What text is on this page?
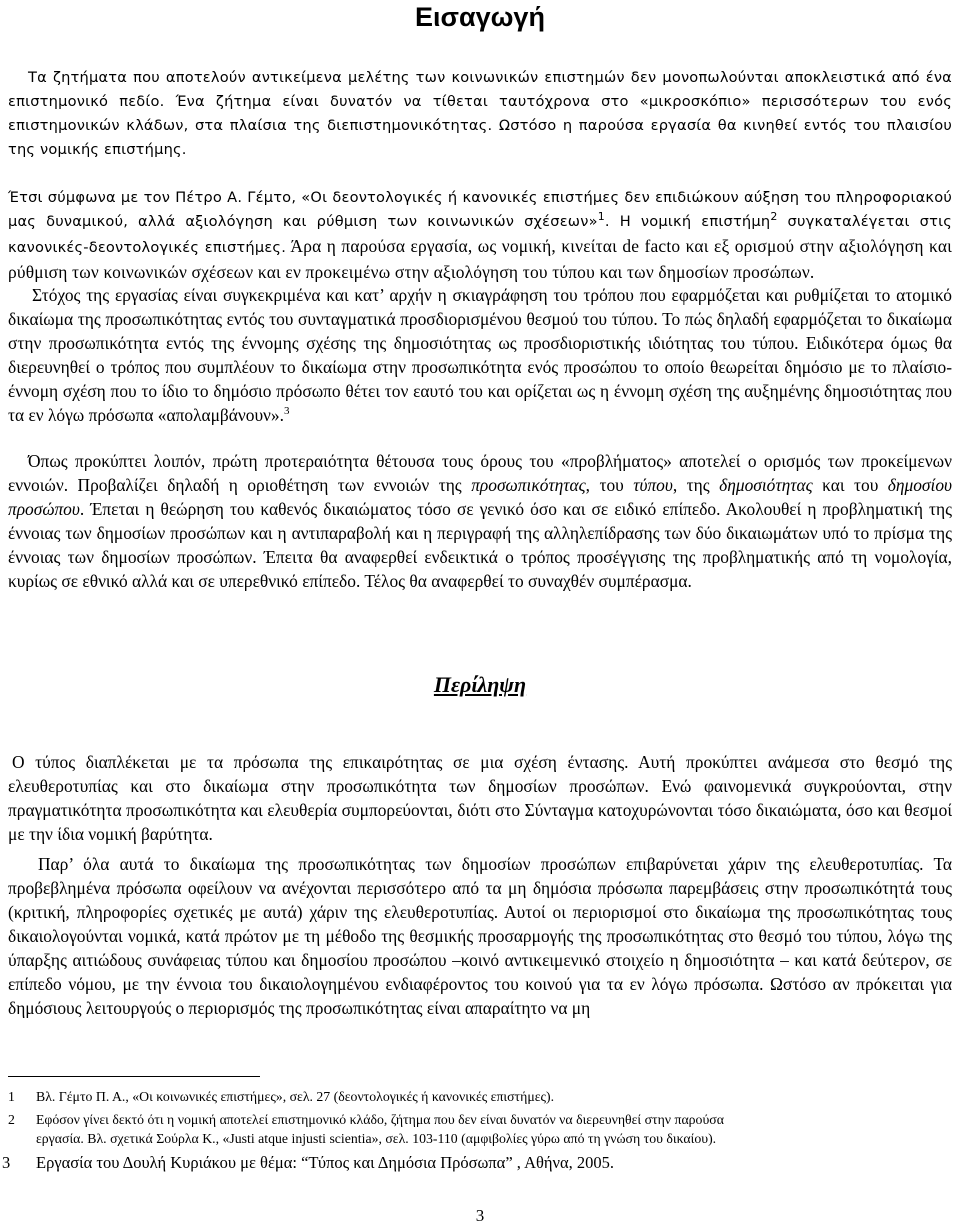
Εισαγωγή

Τα ζητήματα που αποτελούν αντικείμενα μελέτης των κοινωνικών επιστημών δεν μονοπωλούνται αποκλειστικά από ένα επιστημονικό πεδίο. Ένα ζήτημα είναι δυνατόν να τίθεται ταυτόχρονα στο «μικροσκόπιο» περισσότερων του ενός επιστημονικών κλάδων, στα πλαίσια της διεπιστημονικότητας. Ωστόσο η παρούσα εργασία θα κινηθεί εντός του πλαισίου της νομικής επιστήμης.

Έτσι σύμφωνα με τον Πέτρο Α. Γέμτο, «Οι δεοντολογικές ή κανονικές επιστήμες δεν επιδιώκουν αύξηση του πληροφοριακού μας δυναμικού, αλλά αξιολόγηση και ρύθμιση των κοινωνικών σχέσεων»$^1$. Η νομική επιστήμη$^2$ συγκαταλέγεται στις κανονικές-δεοντολογικές επιστήμες. Άρα η παρούσα εργασία, ως νομική, κινείται de facto και εξ ορισμού στην αξιολόγηση και ρύθμιση των κοινωνικών σχέσεων και εν προκειμένω στην αξιολόγηση του τύπου και των δημοσίων προσώπων.

Στόχος της εργασίας είναι συγκεκριμένα και κατ’ αρχήν η σκιαγράφηση του τρόπου που εφαρμόζεται και ρυθμίζεται το ατομικό δικαίωμα της προσωπικότητας εντός του συνταγματικά προσδιορισμένου θεσμού του τύπου. Το πώς δηλαδή εφαρμόζεται το δικαίωμα στην προσωπικότητα εντός της έννομης σχέσης της δημοσιότητας ως προσδιοριστικής ιδιότητας του τύπου. Ειδικότερα όμως θα διερευνηθεί ο τρόπος που συμπλέουν το δικαίωμα στην προσωπικότητα ενός προσώπου το οποίο θεωρείται δημόσιο με το πλαίσιο-έννομη σχέση που το ίδιο το δημόσιο πρόσωπο θέτει τον εαυτό του και ορίζεται ως η έννομη σχέση της αυξημένης δημοσιότητας που τα εν λόγω πρόσωπα «απολαμβάνουν».$^3$

Όπως προκύπτει λοιπόν, πρώτη προτεραιότητα θέτουσα τους όρους του «προβλήματος» αποτελεί ο ορισμός των προκείμενων εννοιών. Προβαλίζει δηλαδή η οριοθέτηση των εννοιών της προσωπικότητας, του τύπου, της δημοσιότητας και του δημοσίου προσώπου. Έπεται η θεώρηση του καθενός δικαιώματος τόσο σε γενικό όσο και σε ειδικό επίπεδο. Ακολουθεί η προβληματική της έννοιας των δημοσίων προσώπων και η αντιπαραβολή και η περιγραφή της αλληλεπίδρασης των δύο δικαιωμάτων υπό το πρίσμα της έννοιας των δημοσίων προσώπων. Έπειτα θα αναφερθεί ενδεικτικά ο τρόπος προσέγγισης της προβληματικής από τη νομολογία, κυρίως σε εθνικό αλλά και σε υπερεθνικό επίπεδο. Τέλος θα αναφερθεί το συναχθέν συμπέρασμα.

Περίληψη

Ο τύπος διαπλέκεται με τα πρόσωπα της επικαιρότητας σε μια σχέση έντασης. Αυτή προκύπτει ανάμεσα στο θεσμό της ελευθεροτυπίας και στο δικαίωμα στην προσωπικότητα των δημοσίων προσώπων. Ενώ φαινομενικά συγκρούονται, στην πραγματικότητα προσωπικότητα και ελευθερία συμπορεύονται, διότι στο Σύνταγμα κατοχυρώνονται τόσο δικαιώματα, όσο και θεσμοί με την ίδια νομική βαρύτητα.

Παρ’ όλα αυτά το δικαίωμα της προσωπικότητας των δημοσίων προσώπων επιβαρύνεται χάριν της ελευθεροτυπίας. Τα προβεβλημένα πρόσωπα οφείλουν να ανέχονται περισσότερο από τα μη δημόσια πρόσωπα παρεμβάσεις στην προσωπικότητά τους (κριτική, πληροφορίες σχετικές με αυτά) χάριν της ελευθεροτυπίας. Αυτοί οι περιορισμοί στο δικαίωμα της προσωπικότητας τους δικαιολογούνται νομικά, κατά πρώτον με τη μέθοδο της θεσμικής προσαρμογής της προσωπικότητας στο θεσμό του τύπου, λόγω της ύπαρξης αιτιώδους συνάφειας τύπου και δημοσίου προσώπου –κοινό αντικειμενικό στοιχείο η δημοσιότητα – και κατά δεύτερον, σε επίπεδο νόμου, με την έννοια του δικαιολογημένου ενδιαφέροντος του κοινού για τα εν λόγω πρόσωπα. Ωστόσο αν πρόκειται για δημόσιους λειτουργούς ο περιορισμός της προσωπικότητας είναι απαραίτητο να μη

1 Βλ. Γέμτο Π. Α., «Οι κοινωνικές επιστήμες», σελ. 27 (δεοντολογικές ή κανονικές επιστήμες).

2 Εφόσον γίνει δεκτό ότι η νομική αποτελεί επιστημονικό κλάδο, ζήτημα που δεν είναι δυνατόν να διερευνηθεί στην παρούσα
εργασία. Βλ. σχετικά Σούρλα Κ., «Justi atque injusti scientia», σελ. 103-110 (αμφιβολίες γύρω από τη γνώση του δικαίου).

3 Εργασία του Δουλή Κυριάκου με θέμα: “Τύπος και Δημόσια Πρόσωπα” , Αθήνα, 2005.

3
